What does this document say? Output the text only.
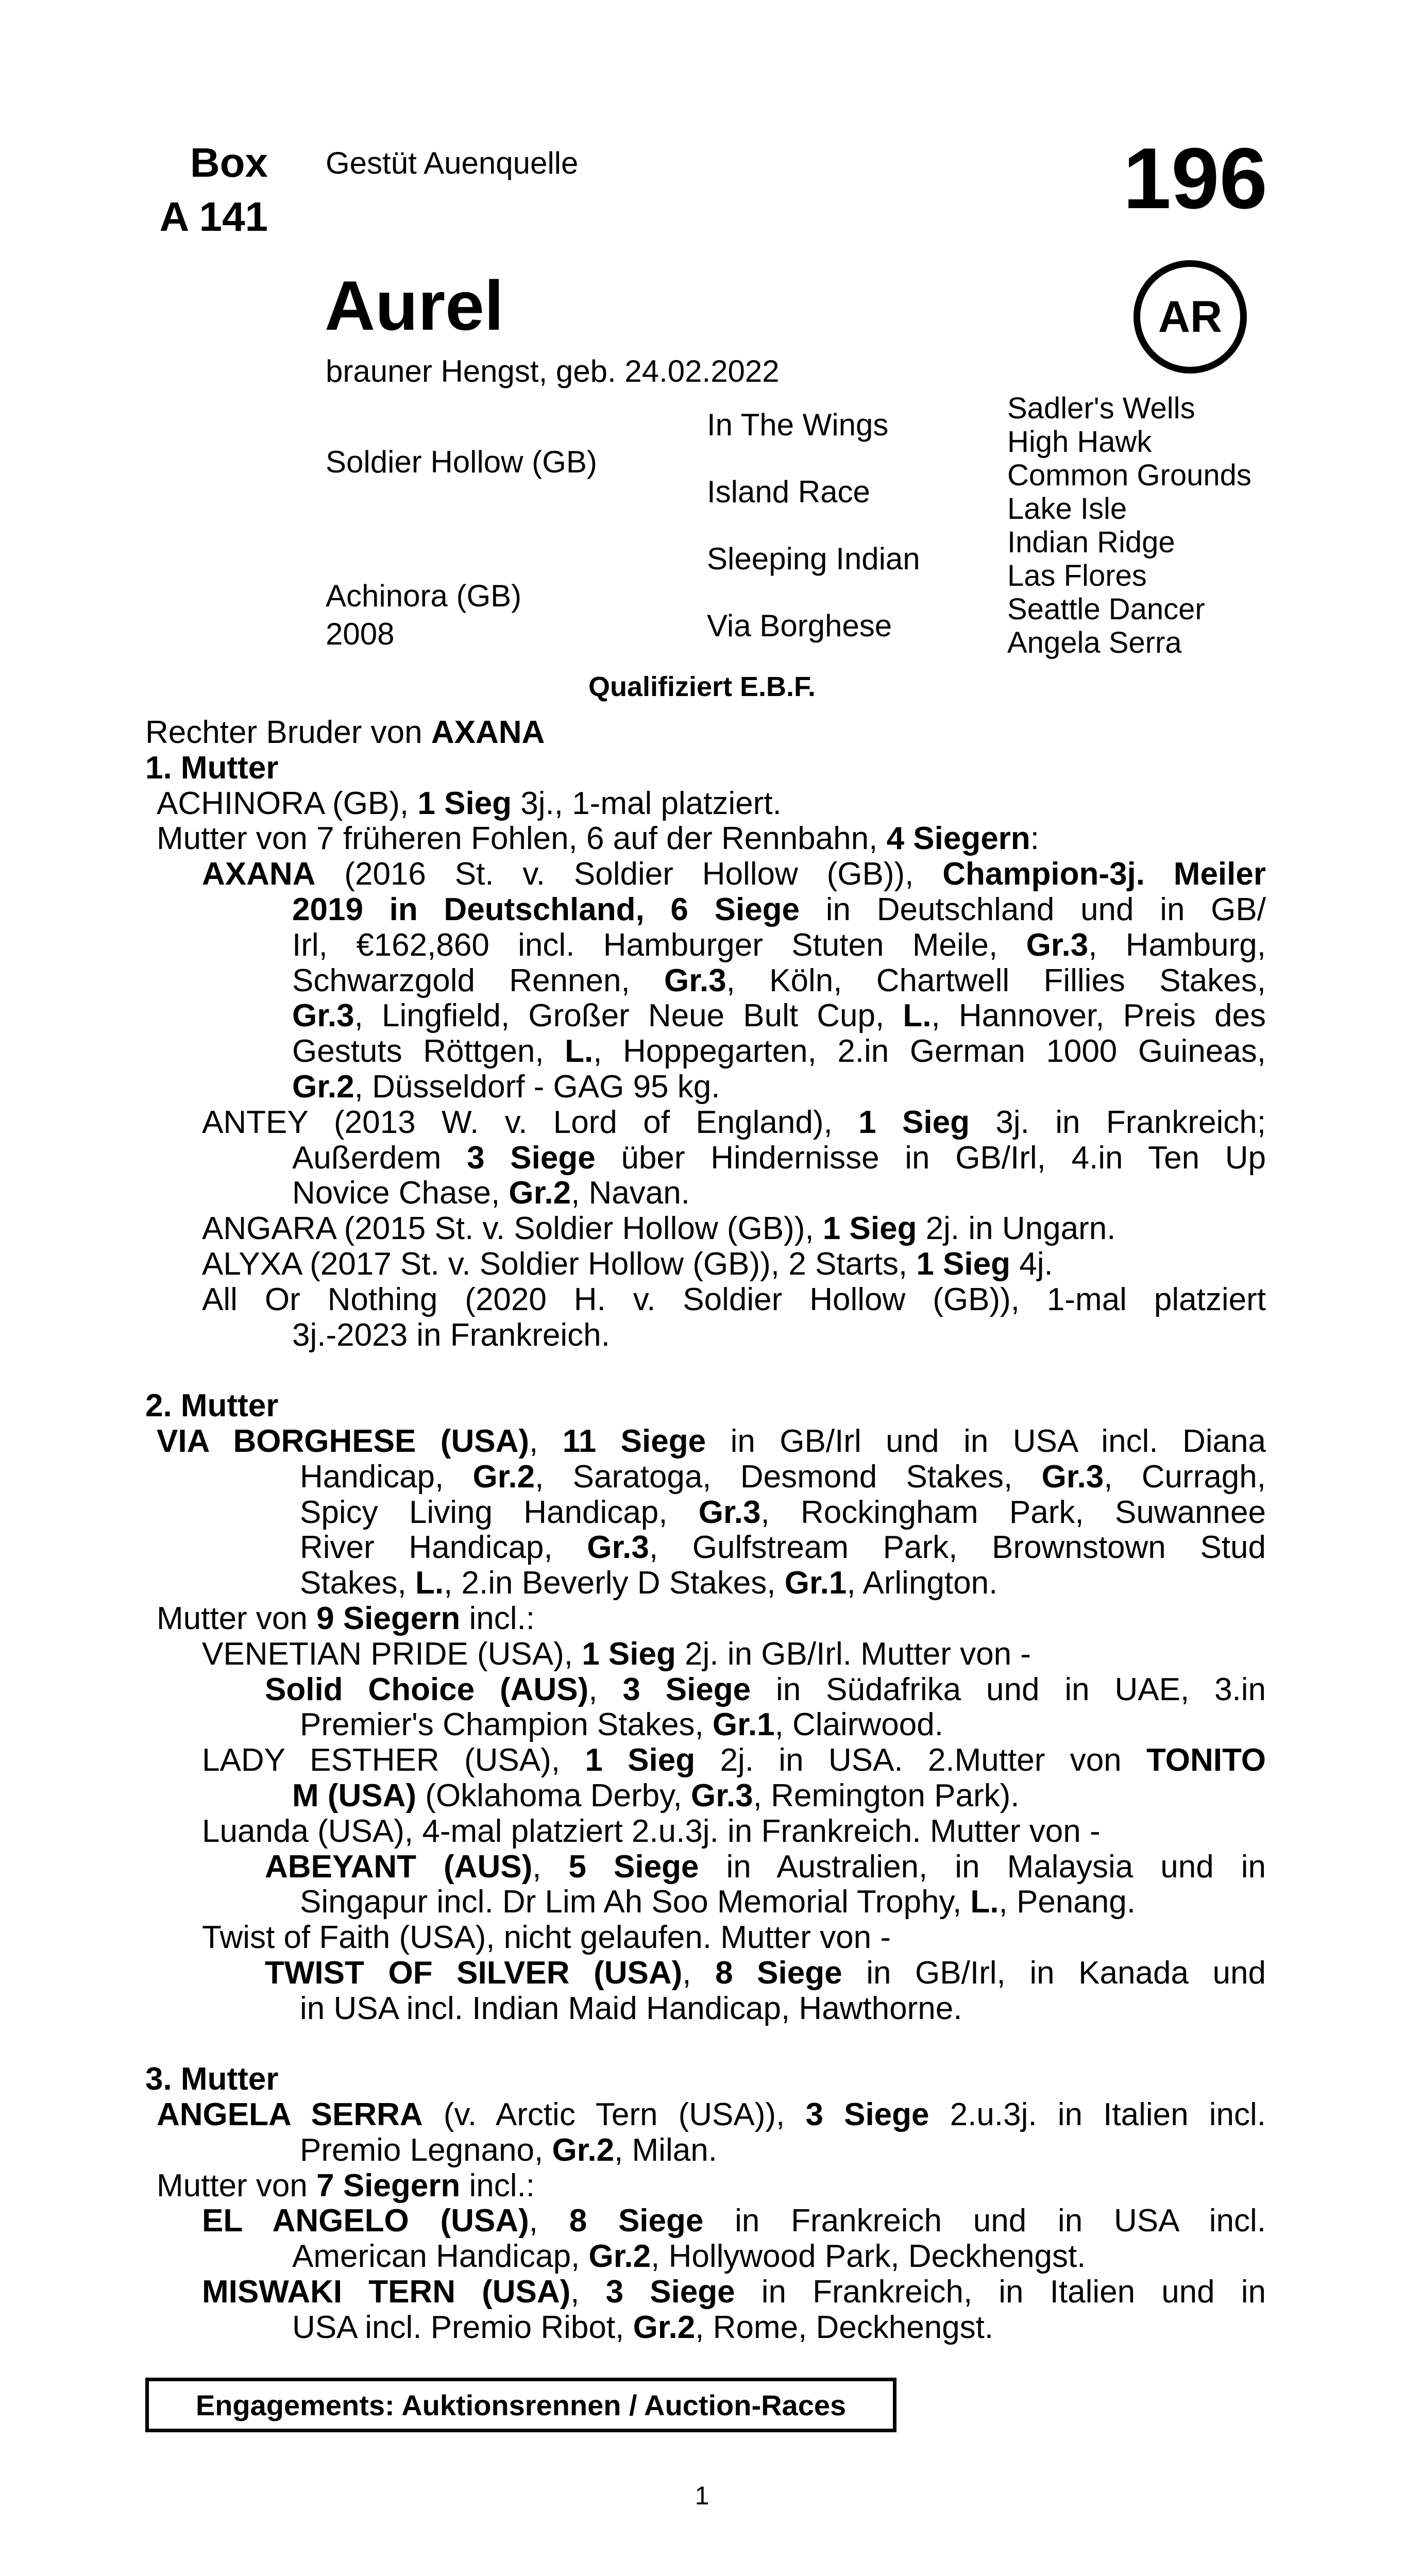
Box
A 141
Gestüt Auenquelle	196
Aurel
brauner Hengst, geb. 24.02.2022
AR
Soldier Hollow (GB)
Achinora (GB)
2008
In The Wings
Island Race
Sleeping Indian
Via Borghese
Sadler's Wells
High Hawk
Common Grounds
Lake Isle
Indian Ridge
Las Flores
Seattle Dancer
Angela Serra
Qualifiziert E.B.F.
Rechter Bruder von AXANA
1. Mutter
ACHINORA (GB), 1 Sieg 3j., 1-mal platziert.
Mutter von 7 früheren Fohlen, 6 auf der Rennbahn, 4 Siegern:
AXANA (2016 St. v. Soldier Hollow (GB)), Champion-3j. Meiler
2019 in Deutschland, 6 Siege in Deutschland und in GB/
Irl, €162,860 incl. Hamburger Stuten Meile, Gr.3, Hamburg,
Schwarzgold Rennen, Gr.3, Köln, Chartwell Fillies Stakes,
Gr.3, Lingfield, Großer Neue Bult Cup, L., Hannover, Preis des
Gestuts Röttgen, L., Hoppegarten, 2.in German 1000 Guineas,
Gr.2, Düsseldorf - GAG 95 kg.
ANTEY (2013 W. v. Lord of England), 1 Sieg 3j. in Frankreich;
Außerdem 3 Siege über Hindernisse in GB/Irl, 4.in Ten Up
Novice Chase, Gr.2, Navan.
ANGARA (2015 St. v. Soldier Hollow (GB)), 1 Sieg 2j. in Ungarn.
ALYXA (2017 St. v. Soldier Hollow (GB)), 2 Starts, 1 Sieg 4j.
All Or Nothing (2020 H. v. Soldier Hollow (GB)), 1-mal platziert
3j.-2023 in Frankreich.
2. Mutter
VIA BORGHESE (USA), 11 Siege in GB/Irl und in USA incl. Diana
Handicap, Gr.2, Saratoga, Desmond Stakes, Gr.3, Curragh,
Spicy Living Handicap, Gr.3, Rockingham Park, Suwannee
River Handicap, Gr.3, Gulfstream Park, Brownstown Stud
Stakes, L., 2.in Beverly D Stakes, Gr.1, Arlington.
Mutter von 9 Siegern incl.:
VENETIAN PRIDE (USA), 1 Sieg 2j. in GB/Irl. Mutter von -
Solid Choice (AUS), 3 Siege in Südafrika und in UAE, 3.in
Premier's Champion Stakes, Gr.1, Clairwood.
LADY ESTHER (USA), 1 Sieg 2j. in USA. 2.Mutter von TONITO
M (USA) (Oklahoma Derby, Gr.3, Remington Park).
Luanda (USA), 4-mal platziert 2.u.3j. in Frankreich. Mutter von -
ABEYANT (AUS), 5 Siege in Australien, in Malaysia und in
Singapur incl. Dr Lim Ah Soo Memorial Trophy, L., Penang.
Twist of Faith (USA), nicht gelaufen. Mutter von -
TWIST OF SILVER (USA), 8 Siege in GB/Irl, in Kanada und
in USA incl. Indian Maid Handicap, Hawthorne.
3. Mutter
ANGELA SERRA (v. Arctic Tern (USA)), 3 Siege 2.u.3j. in Italien incl.
Premio Legnano, Gr.2, Milan.
Mutter von 7 Siegern incl.:
EL ANGELO (USA), 8 Siege in Frankreich und in USA incl.
American Handicap, Gr.2, Hollywood Park, Deckhengst.
MISWAKI TERN (USA), 3 Siege in Frankreich, in Italien und in
USA incl. Premio Ribot, Gr.2, Rome, Deckhengst.
Engagements: Auktionsrennen / Auction-Races
1
